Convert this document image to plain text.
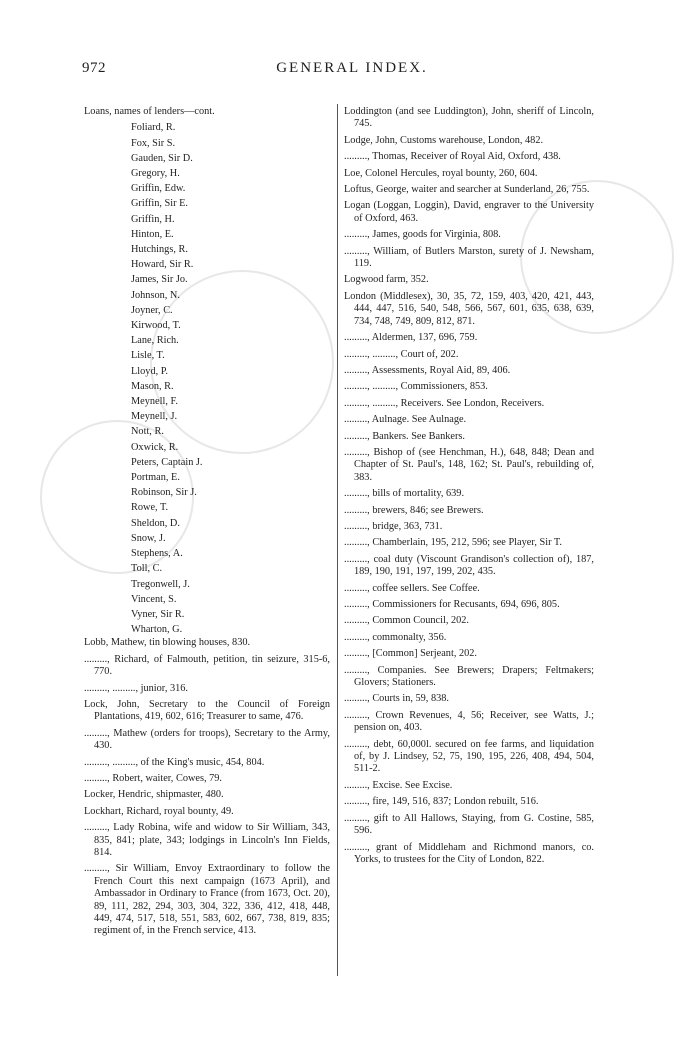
972	GENERAL INDEX.
Loans, names of lenders—cont.
Foliard, R.
Fox, Sir S.
Gauden, Sir D.
Gregory, H.
Griffin, Edw.
Griffin, Sir E.
Griffin, H.
Hinton, E.
Hutchings, R.
Howard, Sir R.
James, Sir Jo.
Johnson, N.
Joyner, C.
Kirwood, T.
Lane, Rich.
Lisle, T.
Lloyd, P.
Mason, R.
Meynell, F.
Meynell, J.
Nott, R.
Oxwick, R.
Peters, Captain J.
Portman, E.
Robinson, Sir J.
Rowe, T.
Sheldon, D.
Snow, J.
Stephens, A.
Toll, C.
Tregonwell, J.
Vincent, S.
Vyner, Sir R.
Wharton, G.
Lobb, Mathew, tin blowing houses, 830.
........., Richard, of Falmouth, petition, tin seizure, 315-6, 770.
........., ........., junior, 316.
Lock, John, Secretary to the Council of Foreign Plantations, 419, 602, 616; Treasurer to same, 476.
........., Mathew (orders for troops), Secretary to the Army, 430.
........., ........., of the King's music, 454, 804.
........., Robert, waiter, Cowes, 79.
Locker, Hendric, shipmaster, 480.
Lockhart, Richard, royal bounty, 49.
........., Lady Robina, wife and widow to Sir William, 343, 835, 841; plate, 343; lodgings in Lincoln's Inn Fields, 814.
........., Sir William, Envoy Extraordinary to follow the French Court this next campaign (1673 April), and Ambassador in Ordinary to France (from 1673, Oct. 20), 89, 111, 282, 294, 303, 304, 322, 336, 412, 418, 448, 449, 474, 517, 518, 551, 583, 602, 667, 738, 819, 835; regiment of, in the French service, 413.
Loddington (and see Luddington), John, sheriff of Lincoln, 745.
Lodge, John, Customs warehouse, London, 482.
........., Thomas, Receiver of Royal Aid, Oxford, 438.
Loe, Colonel Hercules, royal bounty, 260, 604.
Loftus, George, waiter and searcher at Sunderland, 26, 755.
Logan (Loggan, Loggin), David, engraver to the University of Oxford, 463.
........., James, goods for Virginia, 808.
........., William, of Butlers Marston, surety of J. Newsham, 119.
Logwood farm, 352.
London (Middlesex), 30, 35, 72, 159, 403, 420, 421, 443, 444, 447, 516, 540, 548, 566, 567, 601, 635, 638, 639, 734, 748, 749, 809, 812, 871.
........., Aldermen, 137, 696, 759.
........., ........., Court of, 202.
........., Assessments, Royal Aid, 89, 406.
........., ........., Commissioners, 853.
........., ........., Receivers. See London, Receivers.
........., Aulnage. See Aulnage.
........., Bankers. See Bankers.
........., Bishop of (see Henchman, H.), 648, 848; Dean and Chapter of St. Paul's, 148, 162; St. Paul's, rebuilding of, 383.
........., bills of mortality, 639.
........., brewers, 846; see Brewers.
........., bridge, 363, 731.
........., Chamberlain, 195, 212, 596; see Player, Sir T.
........., coal duty (Viscount Grandison's collection of), 187, 189, 190, 191, 197, 199, 202, 435.
........., coffee sellers. See Coffee.
........., Commissioners for Recusants, 694, 696, 805.
........., Common Council, 202.
........., commonalty, 356.
........., [Common] Serjeant, 202.
........., Companies. See Brewers; Drapers; Feltmakers; Glovers; Stationers.
........., Courts in, 59, 838.
........., Crown Revenues, 4, 56; Receiver, see Watts, J.; pension on, 403.
........., debt, 60,000l. secured on fee farms, and liquidation of, by J. Lindsey, 52, 75, 190, 195, 226, 408, 494, 504, 511-2.
........., Excise. See Excise.
........., fire, 149, 516, 837; London rebuilt, 516.
........., gift to All Hallows, Staying, from G. Costine, 585, 596.
........., grant of Middleham and Richmond manors, co. Yorks, to trustees for the City of London, 822.
